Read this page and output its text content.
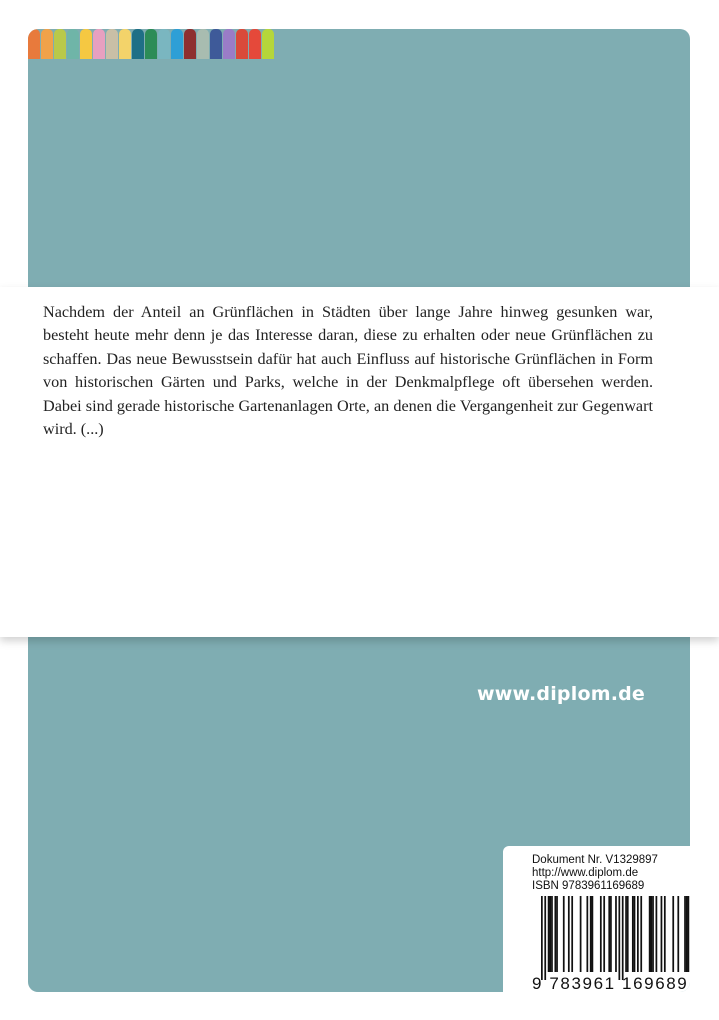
www.diplom.de
Dokument Nr. V1329897
http://www.diplom.de
ISBN 9783961169689
9 783961 169689

Nachdem der Anteil an Grünflächen in Städten über lange Jahre hinweg gesunken war, besteht heute mehr denn je das Interesse daran, diese zu erhalten oder neue Grünflächen zu schaffen. Das neue Bewusstsein dafür hat auch Einfluss auf historische Grünflächen in Form von historischen Gärten und Parks, welche in der Denkmalpflege oft übersehen werden. Dabei sind gerade historische Gartenanlagen Orte, an denen die Vergangenheit zur Gegenwart wird. (...)
